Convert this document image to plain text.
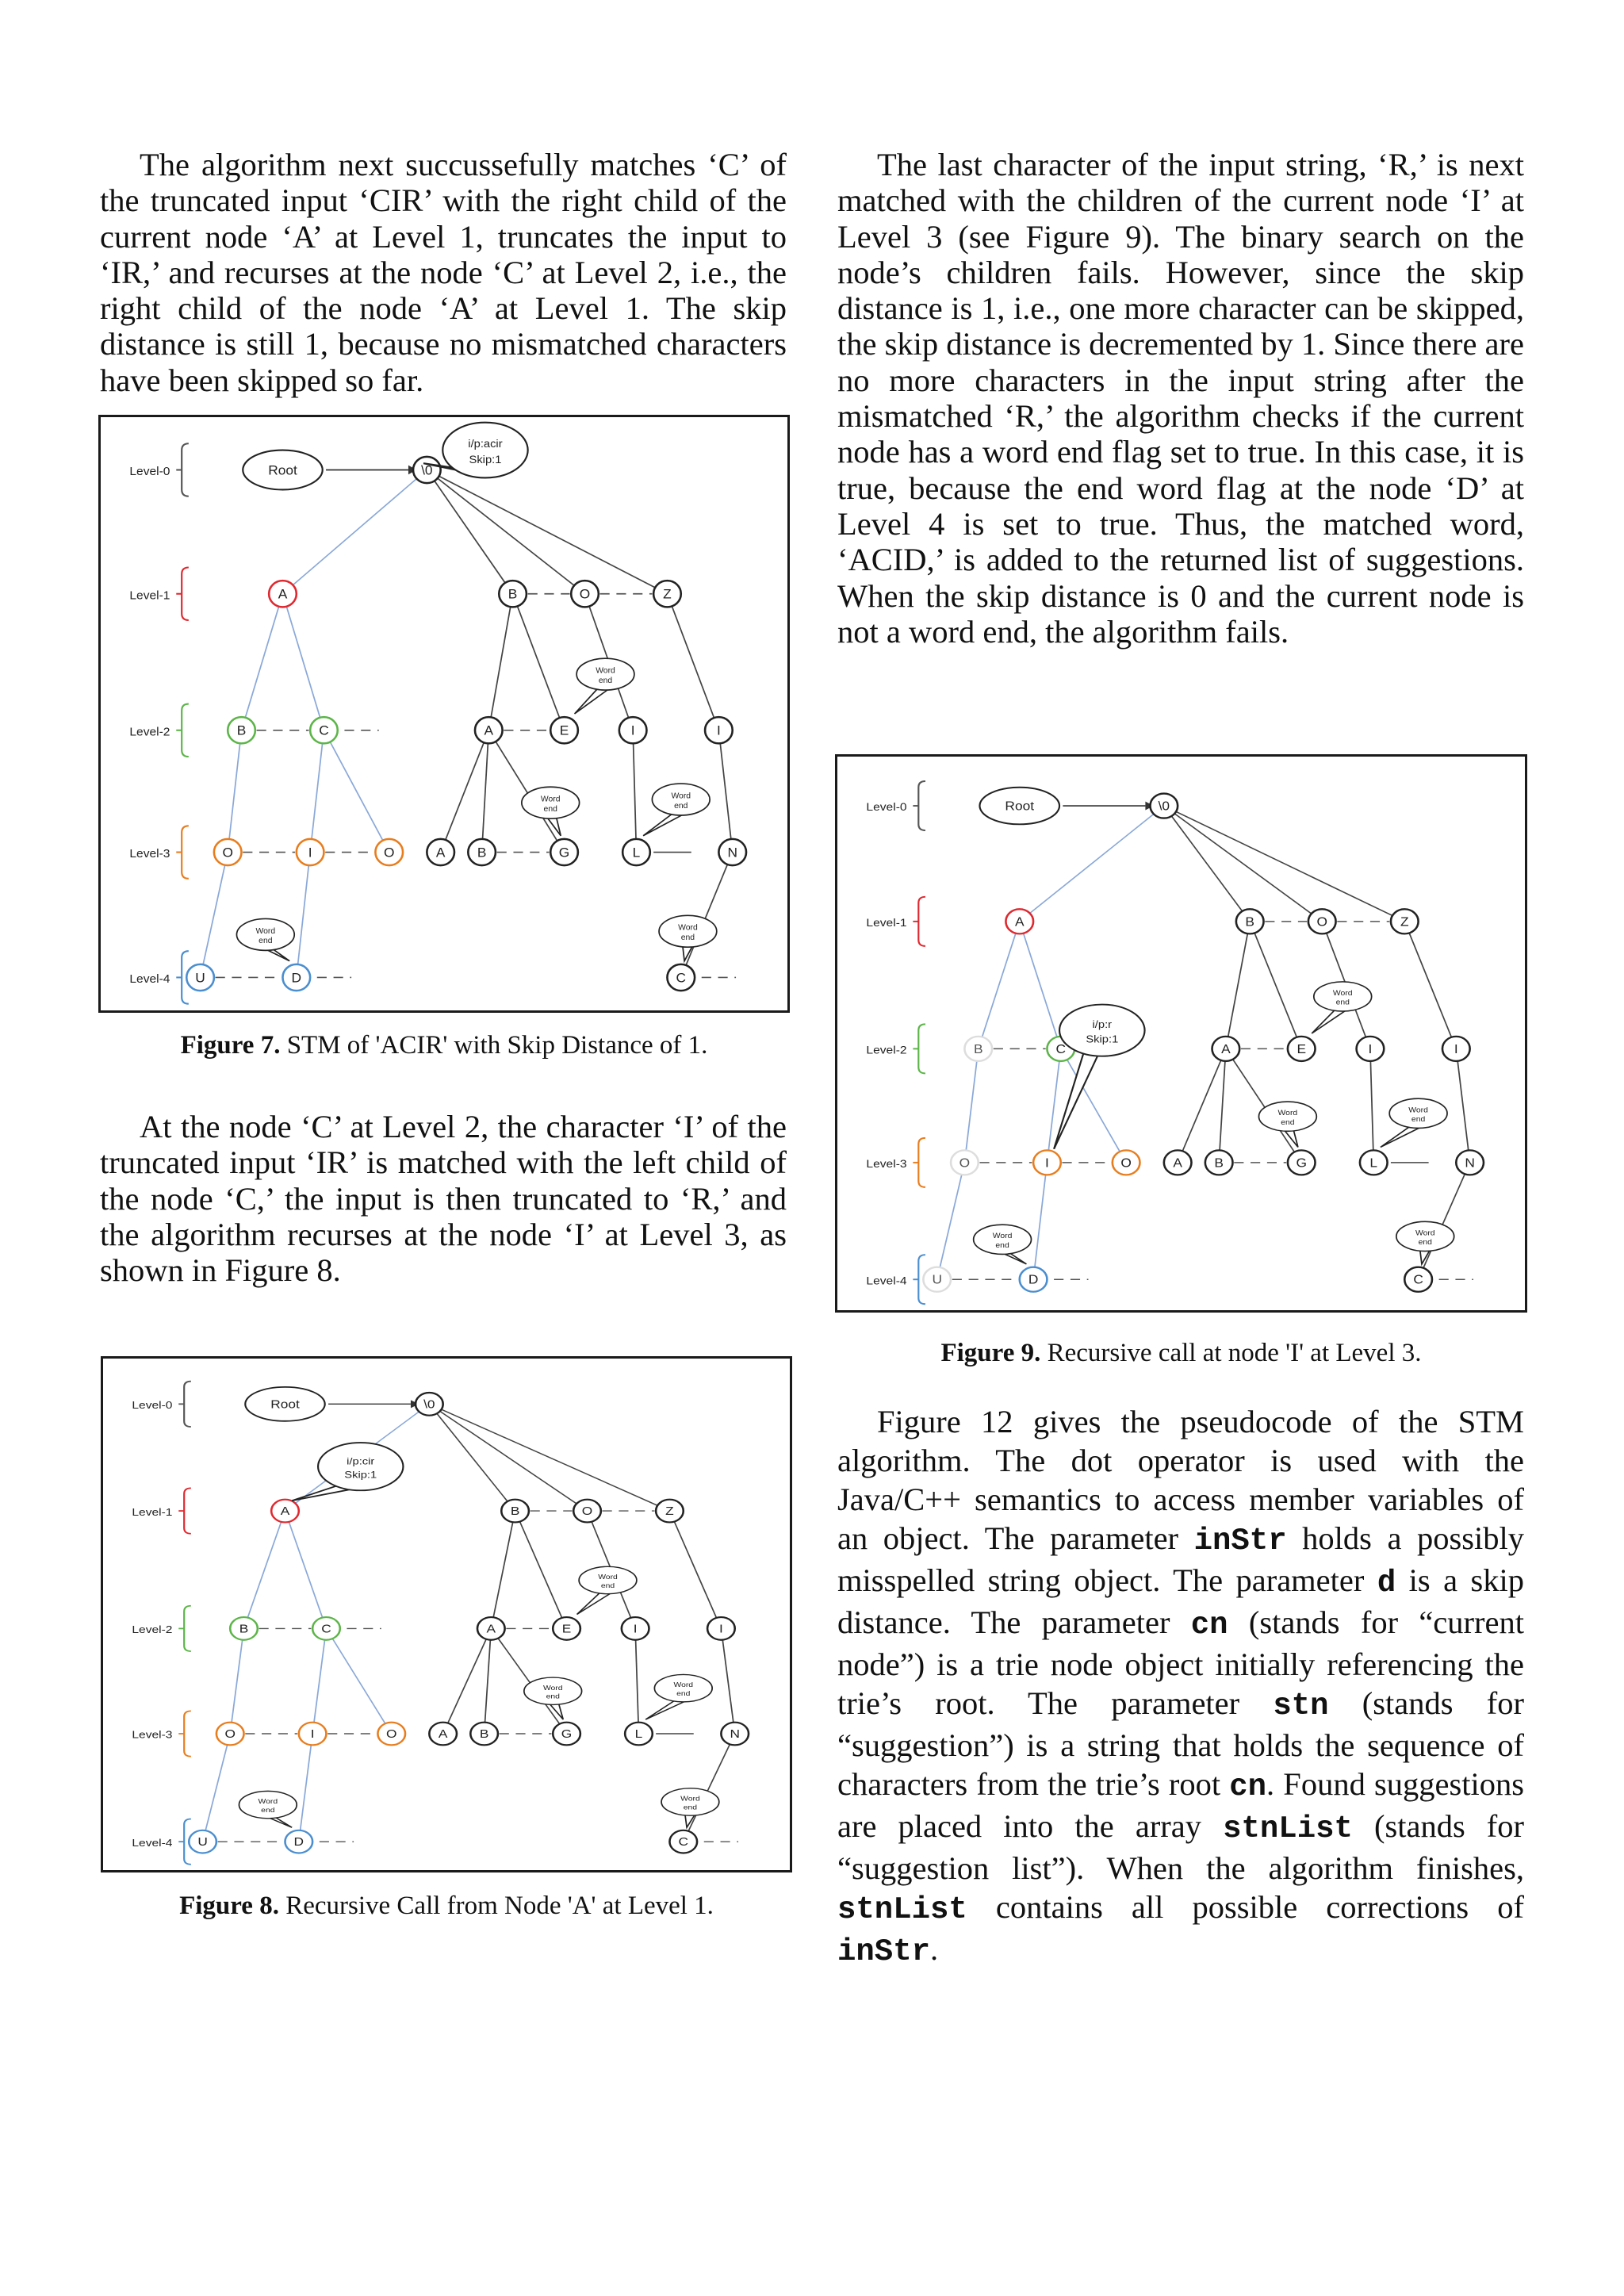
The algorithm next succussefully matches ‘C’ of the truncated input ‘CIR’ with the right child of the current node ‘A’ at Level 1, truncates the input to ‘IR,’ and recurses at the node ‘C’ at Level 2, i.e., the right child of the node ‘A’ at Level 1. The skip distance is still 1, because no mismatched characters have been skipped so far.

Level-0
Level-1
Level-2
Level-3
Level-4
Root	\0
A	B	O	Z
B	C	A	E	I	I
O	I	O	A B	G	L	N
U	D	C
Word
end
Word
end
Word
end
Word
end
Word
end
i/p:acir
Skip:1

Figure 7. STM of 'ACIR' with Skip Distance of 1.

At the node ‘C’ at Level 2, the character ‘I’ of the truncated input ‘IR’ is matched with the left child of the node ‘C,’ the input is then truncated to ‘R,’ and the algorithm recurses at the node ‘I’ at Level 3, as shown in Figure 8.

Level-0
Level-1
Level-2
Level-3
Level-4
Root	\0
A	B	O	Z
B	C	A	E	I	I
O	I	O	A B	G	L	N
U	D	C
Word
end
Word
end
Word
end
Word
end
Word
end
i/p:cir
Skip:1

Figure 8. Recursive Call from Node 'A' at Level 1.

The last character of the input string, ‘R,’ is next matched with the children of the current node ‘I’ at Level 3 (see Figure 9). The binary search on the node’s children fails. However, since the skip distance is 1, i.e., one more character can be skipped, the skip distance is decremented by 1. Since there are no more characters in the input string after the mismatched ‘R,’ the algorithm checks if the current node has a word end flag set to true. In this case, it is true, because the end word flag at the node ‘D’ at Level 4 is set to true. Thus, the matched word, ‘ACID,’ is added to the returned list of suggestions. When the skip distance is 0 and the current node is not a word end, the algorithm fails.

Level-0
Level-1
Level-2
Level-3
Level-4
Root	\0
A	B	O	Z
B	C	A	E	I	I
O	I	O	A B	G	L	N
U	D	C
Word
end
Word
end
Word
end
Word
end
Word
end
i/p:r
Skip:1

Figure 9. Recursive call at node 'I' at Level 3.

Figure 12 gives the pseudocode of the STM algorithm. The dot operator is used with the Java/C++ semantics to access member variables of an object. The parameter inStr holds a possibly misspelled string object. The parameter d is a skip distance. The parameter cn (stands for “current node”) is a trie node object initially referencing the trie’s root. The parameter stn (stands for “suggestion”) is a string that holds the sequence of characters from the trie’s root cn. Found suggestions are placed into the array stnList (stands for “suggestion list”). When the algorithm finishes, stnList contains all possible corrections of inStr.
